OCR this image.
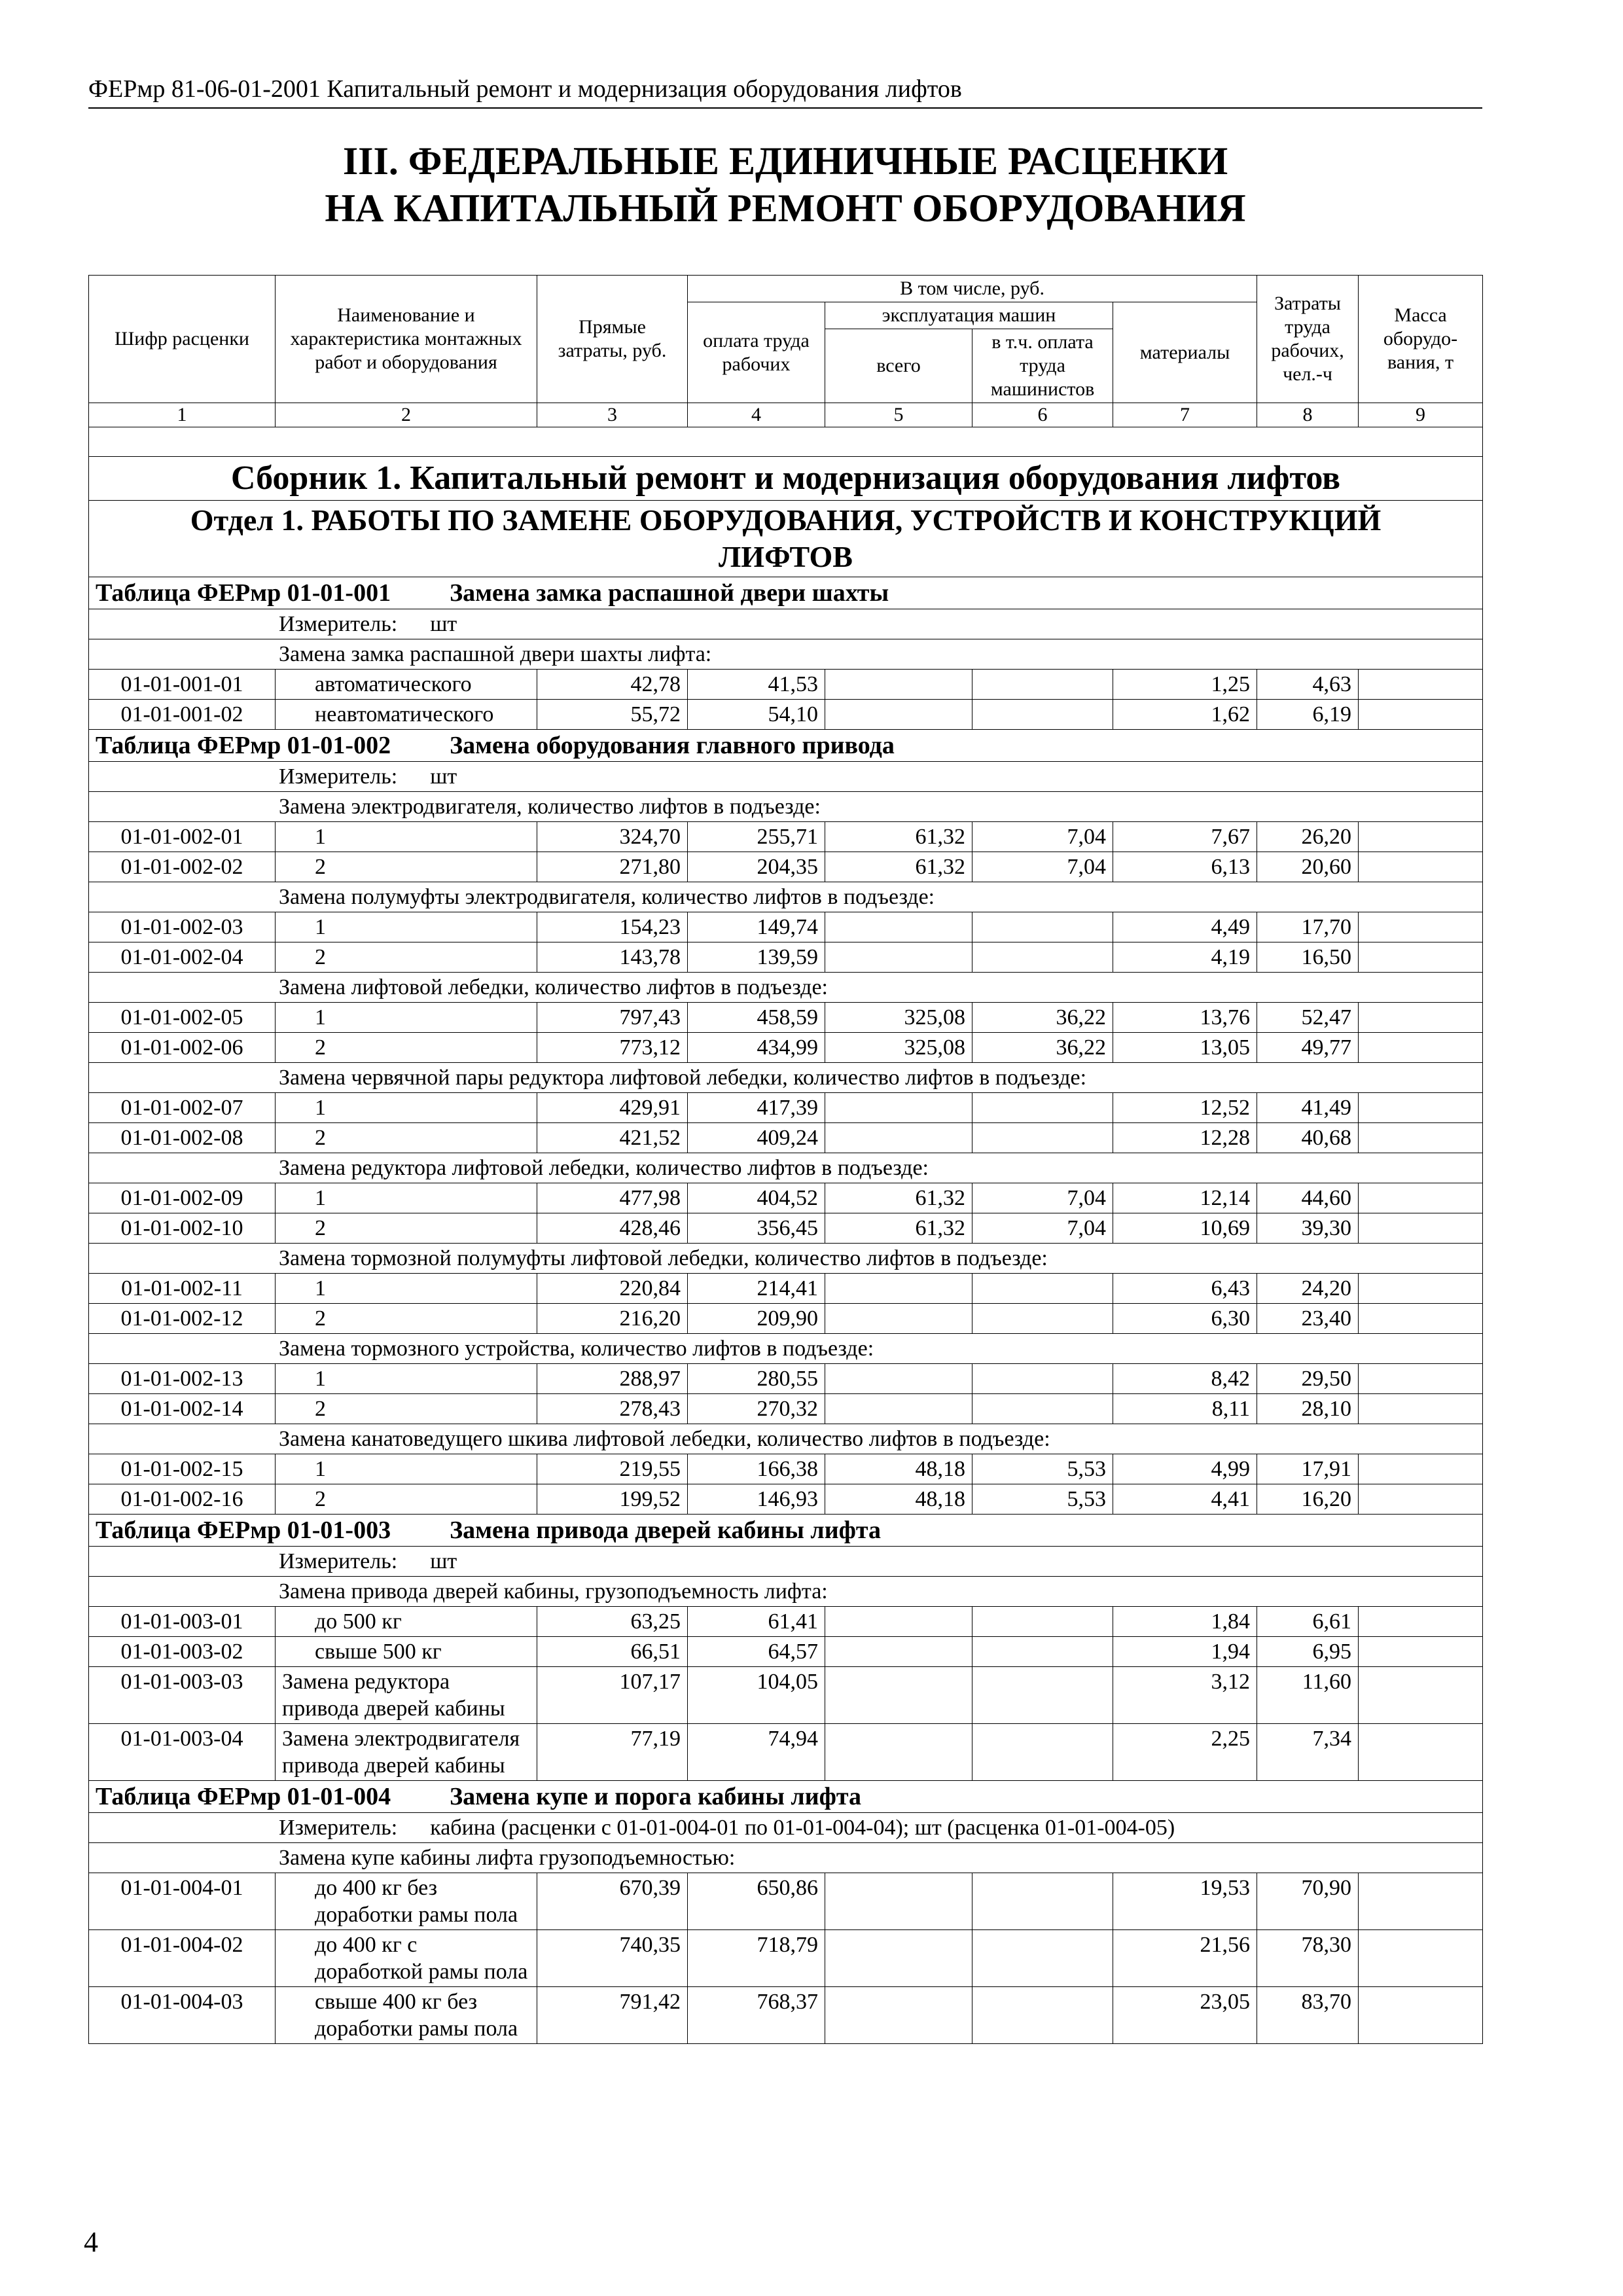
ФЕРмр 81-06-01-2001 Капитальный ремонт и модернизация оборудования лифтов
III. ФЕДЕРАЛЬНЫЕ ЕДИНИЧНЫЕ РАСЦЕНКИ
НА КАПИТАЛЬНЫЙ РЕМОНТ ОБОРУДОВАНИЯ
Шифр расценки	Наименование и характеристика монтажных работ и оборудования	Прямые затраты, руб.	В том числе, руб.				Затраты труда рабочих, чел.-ч	Масса оборудо-вания, т
			оплата труда рабочих	эксплуатация машин		материалы		
				всего	в т.ч. оплата труда машинистов			
1	2	3	4	5	6	7	8	9

Сборник 1. Капитальный ремонт и модернизация оборудования лифтов								

Отдел 1. РАБОТЫ ПО ЗАМЕНЕ ОБОРУДОВАНИЯ, УСТРОЙСТВ И КОНСТРУКЦИЙ
ЛИФТОВ								

Таблица ФЕРмр 01-01-001 Замена замка распашной двери шахты								
Измеритель: шт								
Замена замка распашной двери шахты лифта:								
01-01-001-01	автоматического	42,78	41,53			1,25	4,63	
01-01-001-02	неавтоматического	55,72	54,10			1,62	6,19	
Таблица ФЕРмр 01-01-002 Замена оборудования главного привода								
Измеритель: шт								
Замена электродвигателя, количество лифтов в подъезде:								
01-01-002-01	1	324,70	255,71	61,32	7,04	7,67	26,20	
01-01-002-02	2	271,80	204,35	61,32	7,04	6,13	20,60	
Замена полумуфты электродвигателя, количество лифтов в подъезде:								
01-01-002-03	1	154,23	149,74			4,49	17,70	
01-01-002-04	2	143,78	139,59			4,19	16,50	
Замена лифтовой лебедки, количество лифтов в подъезде:								
01-01-002-05	1	797,43	458,59	325,08	36,22	13,76	52,47	
01-01-002-06	2	773,12	434,99	325,08	36,22	13,05	49,77	
Замена червячной пары редуктора лифтовой лебедки, количество лифтов в подъезде:								
01-01-002-07	1	429,91	417,39			12,52	41,49	
01-01-002-08	2	421,52	409,24			12,28	40,68	
Замена редуктора лифтовой лебедки, количество лифтов в подъезде:								
01-01-002-09	1	477,98	404,52	61,32	7,04	12,14	44,60	
01-01-002-10	2	428,46	356,45	61,32	7,04	10,69	39,30	
Замена тормозной полумуфты лифтовой лебедки, количество лифтов в подъезде:								
01-01-002-11	1	220,84	214,41			6,43	24,20	
01-01-002-12	2	216,20	209,90			6,30	23,40	
Замена тормозного устройства, количество лифтов в подъезде:								
01-01-002-13	1	288,97	280,55			8,42	29,50	
01-01-002-14	2	278,43	270,32			8,11	28,10	
Замена канатоведущего шкива лифтовой лебедки, количество лифтов в подъезде:								
01-01-002-15	1	219,55	166,38	48,18	5,53	4,99	17,91	
01-01-002-16	2	199,52	146,93	48,18	5,53	4,41	16,20	
Таблица ФЕРмр 01-01-003 Замена привода дверей кабины лифта								
Измеритель: шт								
Замена привода дверей кабины, грузоподъемность лифта:								
01-01-003-01	до 500 кг	63,25	61,41			1,84	6,61	
01-01-003-02	свыше 500 кг	66,51	64,57			1,94	6,95	
01-01-003-03	Замена редуктора привода дверей кабины	107,17	104,05			3,12	11,60	
01-01-003-04	Замена электродвигателя привода дверей кабины	77,19	74,94			2,25	7,34	
Таблица ФЕРмр 01-01-004 Замена купе и порога кабины лифта								
Измеритель: кабина (расценки с 01-01-004-01 по 01-01-004-04); шт (расценка 01-01-004-05)								
Замена купе кабины лифта грузоподъемностью:								
01-01-004-01	до 400 кг без доработки рамы пола	670,39	650,86			19,53	70,90	
01-01-004-02	до 400 кг с доработкой рамы пола	740,35	718,79			21,56	78,30	
01-01-004-03	свыше 400 кг без доработки рамы пола	791,42	768,37			23,05	83,70	
4
